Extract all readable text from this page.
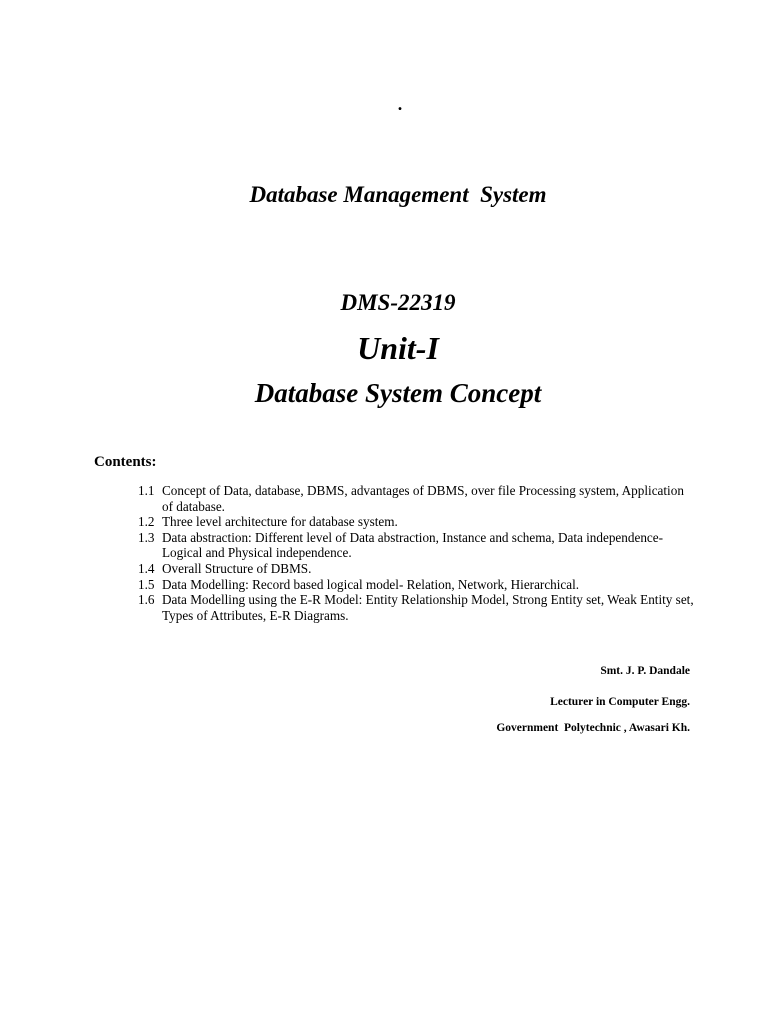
.
Database Management  System
DMS-22319
Unit-I
Database System Concept
Contents:
1.1 Concept of Data, database, DBMS, advantages of DBMS, over file Processing system, Application of database.
1.2 Three level architecture for database system.
1.3 Data abstraction: Different level of Data abstraction, Instance and schema, Data independence- Logical and Physical independence.
1.4 Overall Structure of DBMS.
1.5 Data Modelling: Record based logical model- Relation, Network, Hierarchical.
1.6 Data Modelling using the E-R Model: Entity Relationship Model, Strong Entity set, Weak Entity set, Types of Attributes, E-R Diagrams.
Smt. J. P. Dandale
Lecturer in Computer Engg.
Government  Polytechnic , Awasari Kh.
